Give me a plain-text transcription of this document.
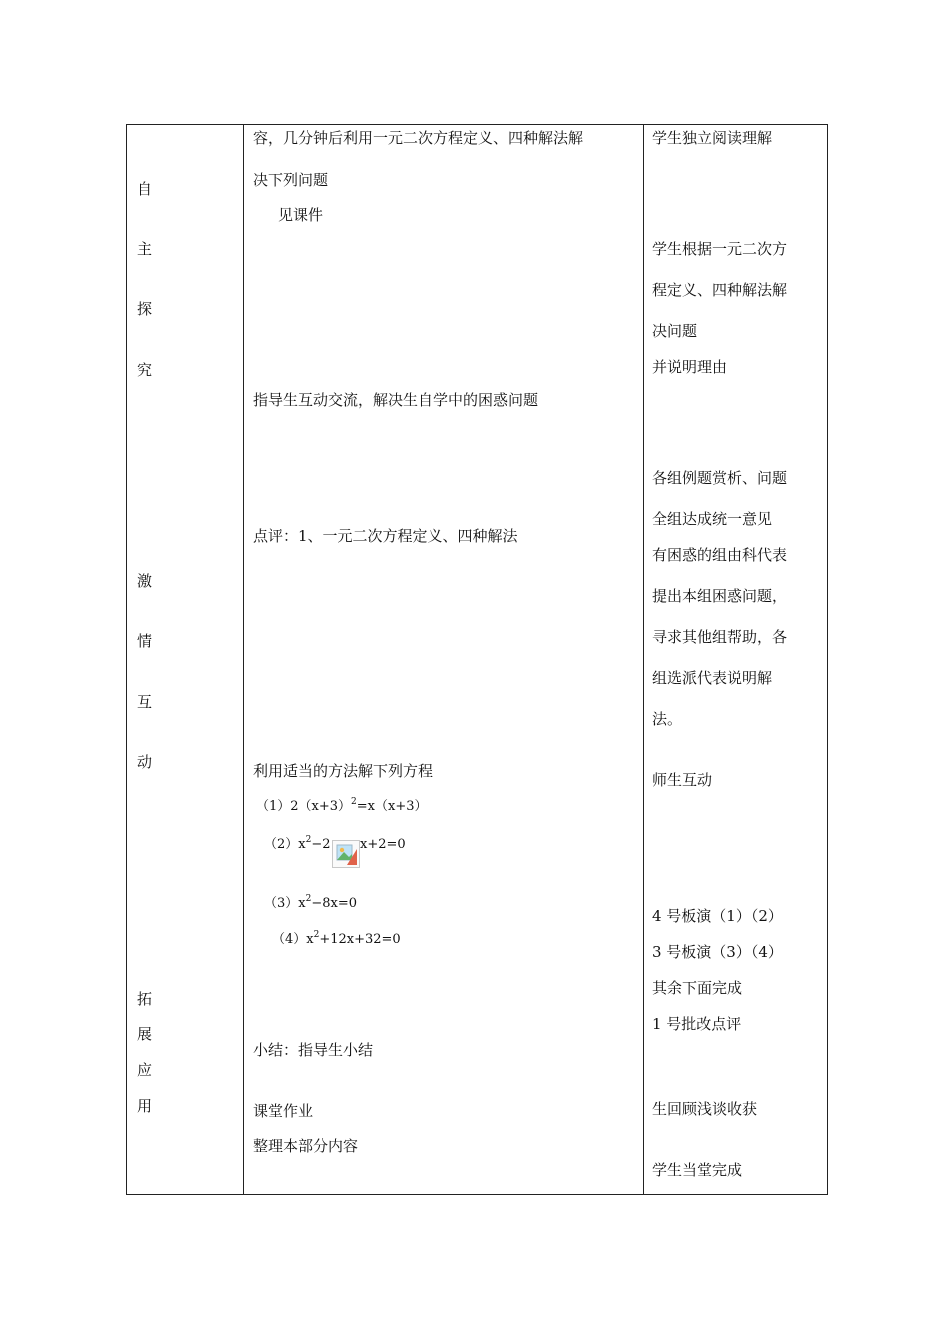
自
主
探
究
激
情
互
动
拓
展
应
用
容，几分钟后利用一元二次方程定义、四种解法解
决下列问题
见课件
指导生互动交流，解决生自学中的困惑问题
点评：1、一元二次方程定义、四种解法
利用适当的方法解下列方程
$(1)2(x+3)^2=x(x+3)$
$(2)x^2-2$ x+2=0
$(3)x^2-8x=0$
$(4)x^2+12x+32=0$
小结：指导生小结
课堂作业
整理本部分内容
学生独立阅读理解
学生根据一元二次方
程定义、四种解法解
决问题
并说明理由
各组例题赏析、问题
全组达成统一意见
有困惑的组由科代表
提出本组困惑问题，
寻求其他组帮助，各
组选派代表说明解
法。
师生互动
4 号板演（1）（2）
3 号板演（3）（4）
其余下面完成
1 号批改点评
生回顾浅谈收获
学生当堂完成
